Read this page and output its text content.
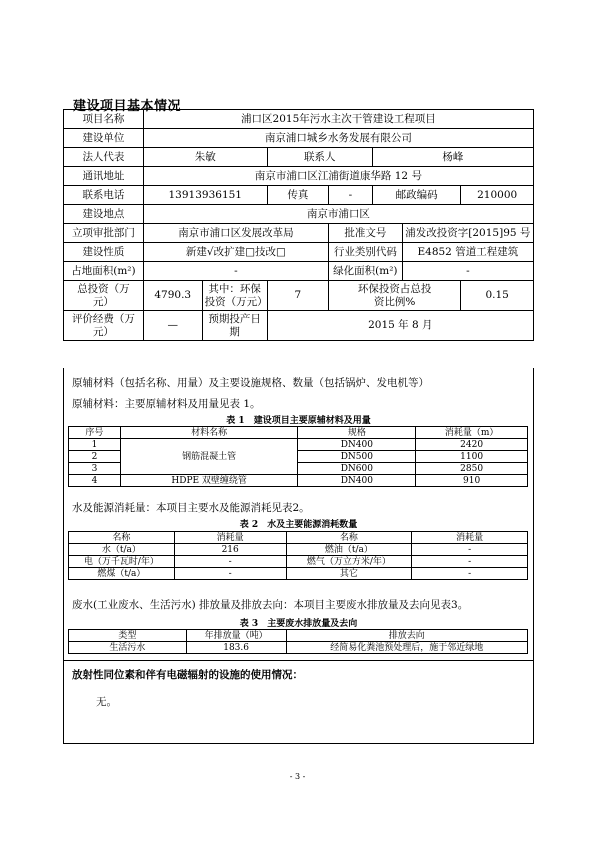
建设项目基本情况
项目名称	浦口区2015年污水主次干管建设工程项目						
建设单位	南京浦口城乡水务发展有限公司						
法人代表	朱敏		联系人		杨峰		
通讯地址	南京市浦口区江浦街道康华路 12 号						
联系电话	13913936151		传真	-	邮政编码		210000
建设地点	南京市浦口区						
立项审批部门	南京市浦口区发展改革局			批准文号		浦发改投资字[2015]95 号	
建设性质	新建√改扩建□技改□			行业类别代码		E4852 管道工程建筑	
占地面积(m²)	-			绿化面积(m²)		-	

总投资（万元）	4790.3	其中：环保投资（万元）	7	环保投资占总投资比例%			0.15

评价经费（万元）	—	预期投产日期	2015 年 8 月				
原辅材料（包括名称、用量）及主要设施规格、数量（包括锅炉、发电机等）
原辅材料：主要原辅材料及用量见表 1。
表 1　建设项目主要原辅材料及用量
序号	材料名称	规格	消耗量（m）
1	钢筋混凝土管	DN400	2420
2		DN500	1100
3		DN600	2850
4	HDPE 双壁缠绕管	DN400	910
水及能源消耗量：本项目主要水及能源消耗见表2。
表 2　水及主要能源消耗数量
名称	消耗量	名称	消耗量
水（t/a）	216	燃油（t/a）	-
电（万千瓦时/年）	-	燃气（万立方米/年）	-
燃煤（t/a）	-	其它	-
废水(工业废水、生活污水) 排放量及排放去向：本项目主要废水排放量及去向见表3。
表 3　主要废水排放量及去向
类型	年排放量（吨）	排放去向
生活污水	183.6	经简易化粪池预处理后，施于邻近绿地
放射性同位素和伴有电磁辐射的设施的使用情况：
无。
- 3 -
